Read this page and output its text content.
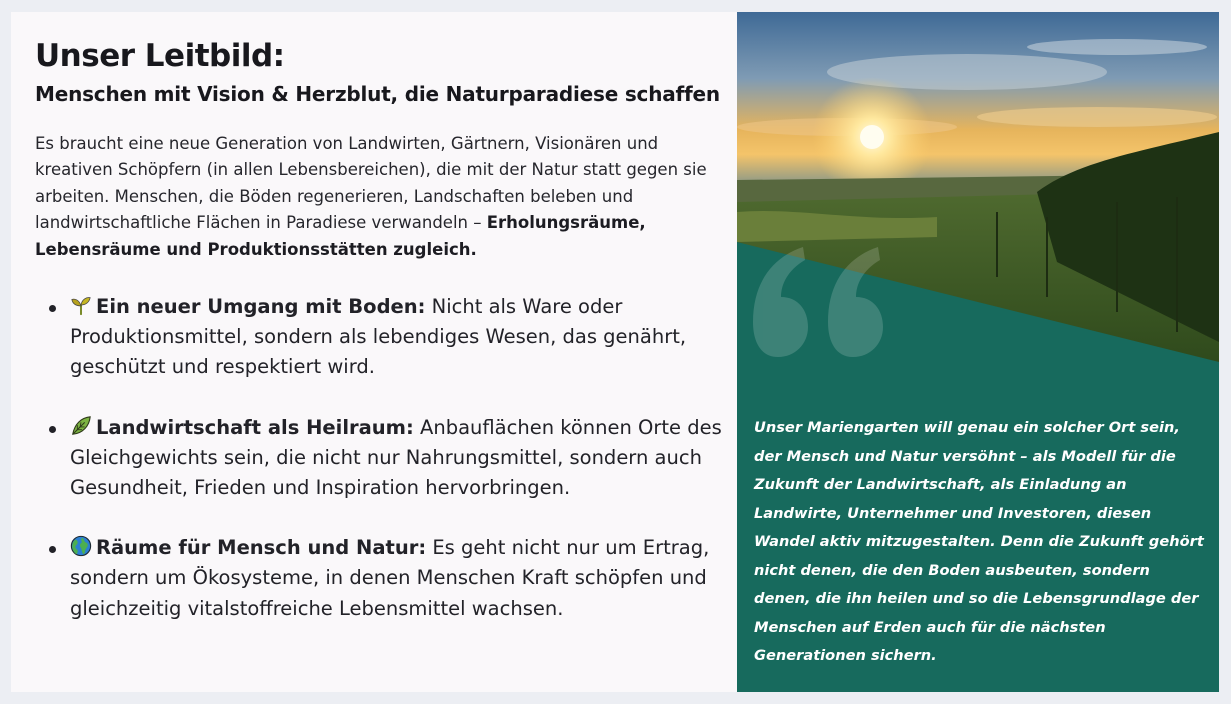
Unser Leitbild:
Menschen mit Vision & Herzblut, die Naturparadiese schaffen

Es braucht eine neue Generation von Landwirten, Gärtnern, Visionären und kreativen Schöpfern (in allen Lebensbereichen), die mit der Natur statt gegen sie arbeiten. Menschen, die Böden regenerieren, Landschaften beleben und landwirtschaftliche Flächen in Paradiese verwandeln – Erholungsräume, Lebensräume und Produktionsstätten zugleich.

Ein neuer Umgang mit Boden: Nicht als Ware oder Produktionsmittel, sondern als lebendiges Wesen, das genährt, geschützt und respektiert wird.
Landwirtschaft als Heilraum: Anbauflächen können Orte des Gleichgewichts sein, die nicht nur Nahrungsmittel, sondern auch Gesundheit, Frieden und Inspiration hervorbringen.
Räume für Mensch und Natur: Es geht nicht nur um Ertrag, sondern um Ökosysteme, in denen Menschen Kraft schöpfen und gleichzeitig vitalstoffreiche Lebensmittel wachsen.

Unser Mariengarten will genau ein solcher Ort sein, der Mensch und Natur versöhnt – als Modell für die Zukunft der Landwirtschaft, als Einladung an Landwirte, Unternehmer und Investoren, diesen Wandel aktiv mitzugestalten. Denn die Zukunft gehört nicht denen, die den Boden ausbeuten, sondern denen, die ihn heilen und so die Lebensgrundlage der Menschen auf Erden auch für die nächsten Generationen sichern.
